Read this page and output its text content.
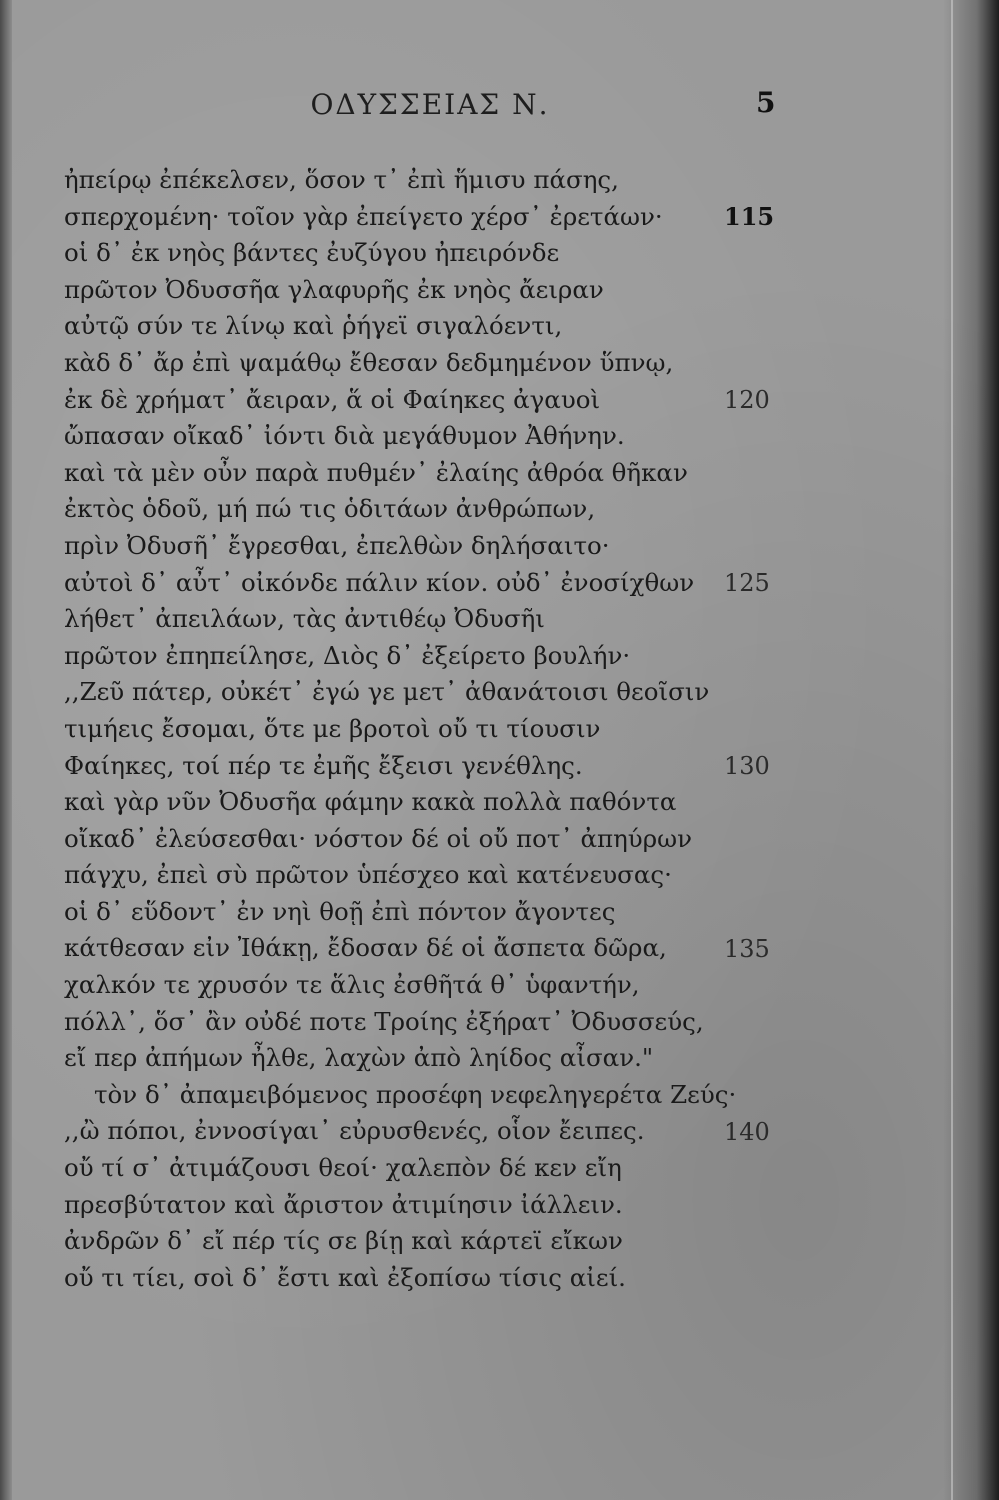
ΟΔΥΣΣΕΙΑΣ Ν.	5
ἠπείρῳ ἐπέκελσεν, ὅσον τ᾽ ἐπὶ ἥμισυ πάσης,
σπερχομένη· τοῖον γὰρ ἐπείγετο χέρσ᾽ ἐρετάων·
οἱ δ᾽ ἐκ νηὸς βάντες ἐυζύγου ἠπειρόνδε
πρῶτον Ὀδυσσῆα γλαφυρῆς ἐκ νηὸς ἄειραν
αὐτῷ σύν τε λίνῳ καὶ ῥήγεϊ σιγαλόεντι,
κὰδ δ᾽ ἄρ ἐπὶ ψαμάθῳ ἔθεσαν δεδμημένον ὕπνῳ,
ἐκ δὲ χρήματ᾽ ἄειραν, ἅ οἱ Φαίηκες ἀγαυοὶ
ὤπασαν οἴκαδ᾽ ἰόντι διὰ μεγάθυμον Ἀθήνην.
καὶ τὰ μὲν οὖν παρὰ πυθμέν᾽ ἐλαίης ἀθρόα θῆκαν
ἐκτὸς ὁδοῦ, μή πώ τις ὁδιτάων ἀνθρώπων,
πρὶν Ὀδυσῆ᾽ ἔγρεσθαι, ἐπελθὼν δηλήσαιτο·
αὐτοὶ δ᾽ αὖτ᾽ οἰκόνδε πάλιν κίον. οὐδ᾽ ἐνοσίχθων
λήθετ᾽ ἀπειλάων, τὰς ἀντιθέῳ Ὀδυσῆι
πρῶτον ἐπηπείλησε, Διὸς δ᾽ ἐξείρετο βουλήν·
,,Ζεῦ πάτερ, οὐκέτ᾽ ἐγώ γε μετ᾽ ἀθανάτοισι θεοῖσιν
τιμήεις ἔσομαι, ὅτε με βροτοὶ οὔ τι τίουσιν
Φαίηκες, τοί πέρ τε ἐμῆς ἔξεισι γενέθλης.
καὶ γὰρ νῦν Ὀδυσῆα φάμην κακὰ πολλὰ παθόντα
οἴκαδ᾽ ἐλεύσεσθαι· νόστον δέ οἱ οὔ ποτ᾽ ἀπηύρων
πάγχυ, ἐπεὶ σὺ πρῶτον ὑπέσχεο καὶ κατένευσας·
οἱ δ᾽ εὕδοντ᾽ ἐν νηὶ θοῇ ἐπὶ πόντον ἄγοντες
κάτθεσαν εἰν Ἰθάκῃ, ἔδοσαν δέ οἱ ἄσπετα δῶρα,
χαλκόν τε χρυσόν τε ἅλις ἐσθῆτά θ᾽ ὑφαντήν,
πόλλ᾽, ὅσ᾽ ἂν οὐδέ ποτε Τροίης ἐξήρατ᾽ Ὀδυσσεύς,
εἴ περ ἀπήμων ἦλθε, λαχὼν ἀπὸ ληίδος αἶσαν."
τὸν δ᾽ ἀπαμειβόμενος προσέφη νεφεληγερέτα Ζεύς·
,,ὢ πόποι, ἐννοσίγαι᾽ εὐρυσθενές, οἷον ἔειπες.
οὔ τί σ᾽ ἀτιμάζουσι θεοί· χαλεπὸν δέ κεν εἴη
πρεσβύτατον καὶ ἄριστον ἀτιμίησιν ἰάλλειν.
ἀνδρῶν δ᾽ εἴ πέρ τίς σε βίῃ καὶ κάρτεϊ εἴκων
οὔ τι τίει, σοὶ δ᾽ ἔστι καὶ ἐξοπίσω τίσις αἰεί.
115
120
125
130
135
140
